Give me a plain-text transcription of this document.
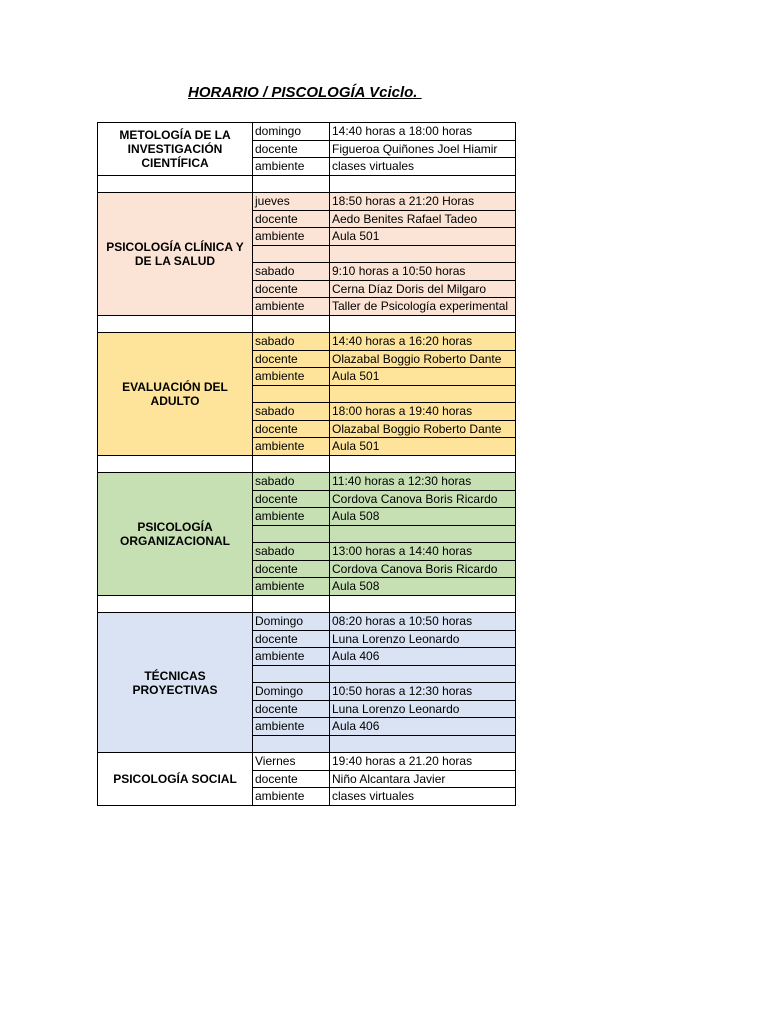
HORARIO / PISCOLOGÍA Vciclo.
METOLOGÍA DE LA INVESTIGACIÓN CIENTÍFICA	domingo	14:40 horas a 18:00 horas
	docente	Figueroa Quiñones Joel Hiamir
	ambiente	clases virtuales

PSICOLOGÍA CLÍNICA Y DE LA SALUD	jueves	18:50 horas a 21:20 Horas
	docente	Aedo Benites Rafael Tadeo
	ambiente	Aula 501

	sabado	9:10 horas a 10:50 horas
	docente	Cerna Díaz Doris del Milgaro
	ambiente	Taller de Psicología experimental

EVALUACIÓN DEL ADULTO	sabado	14:40 horas a 16:20 horas
	docente	Olazabal Boggio Roberto Dante
	ambiente	Aula 501

	sabado	18:00 horas a 19:40 horas
	docente	Olazabal Boggio Roberto Dante
	ambiente	Aula 501

PSICOLOGÍA ORGANIZACIONAL	sabado	11:40 horas a 12:30 horas
	docente	Cordova Canova Boris Ricardo
	ambiente	Aula 508

	sabado	13:00 horas a 14:40 horas
	docente	Cordova Canova Boris Ricardo
	ambiente	Aula 508

TÉCNICAS PROYECTIVAS	Domingo	08:20 horas a 10:50 horas
	docente	Luna Lorenzo Leonardo
	ambiente	Aula 406

	Domingo	10:50 horas a 12:30 horas
	docente	Luna Lorenzo Leonardo
	ambiente	Aula 406

PSICOLOGÍA SOCIAL	Viernes	19:40 horas a 21.20 horas
	docente	Niño Alcantara Javier
	ambiente	clases virtuales
